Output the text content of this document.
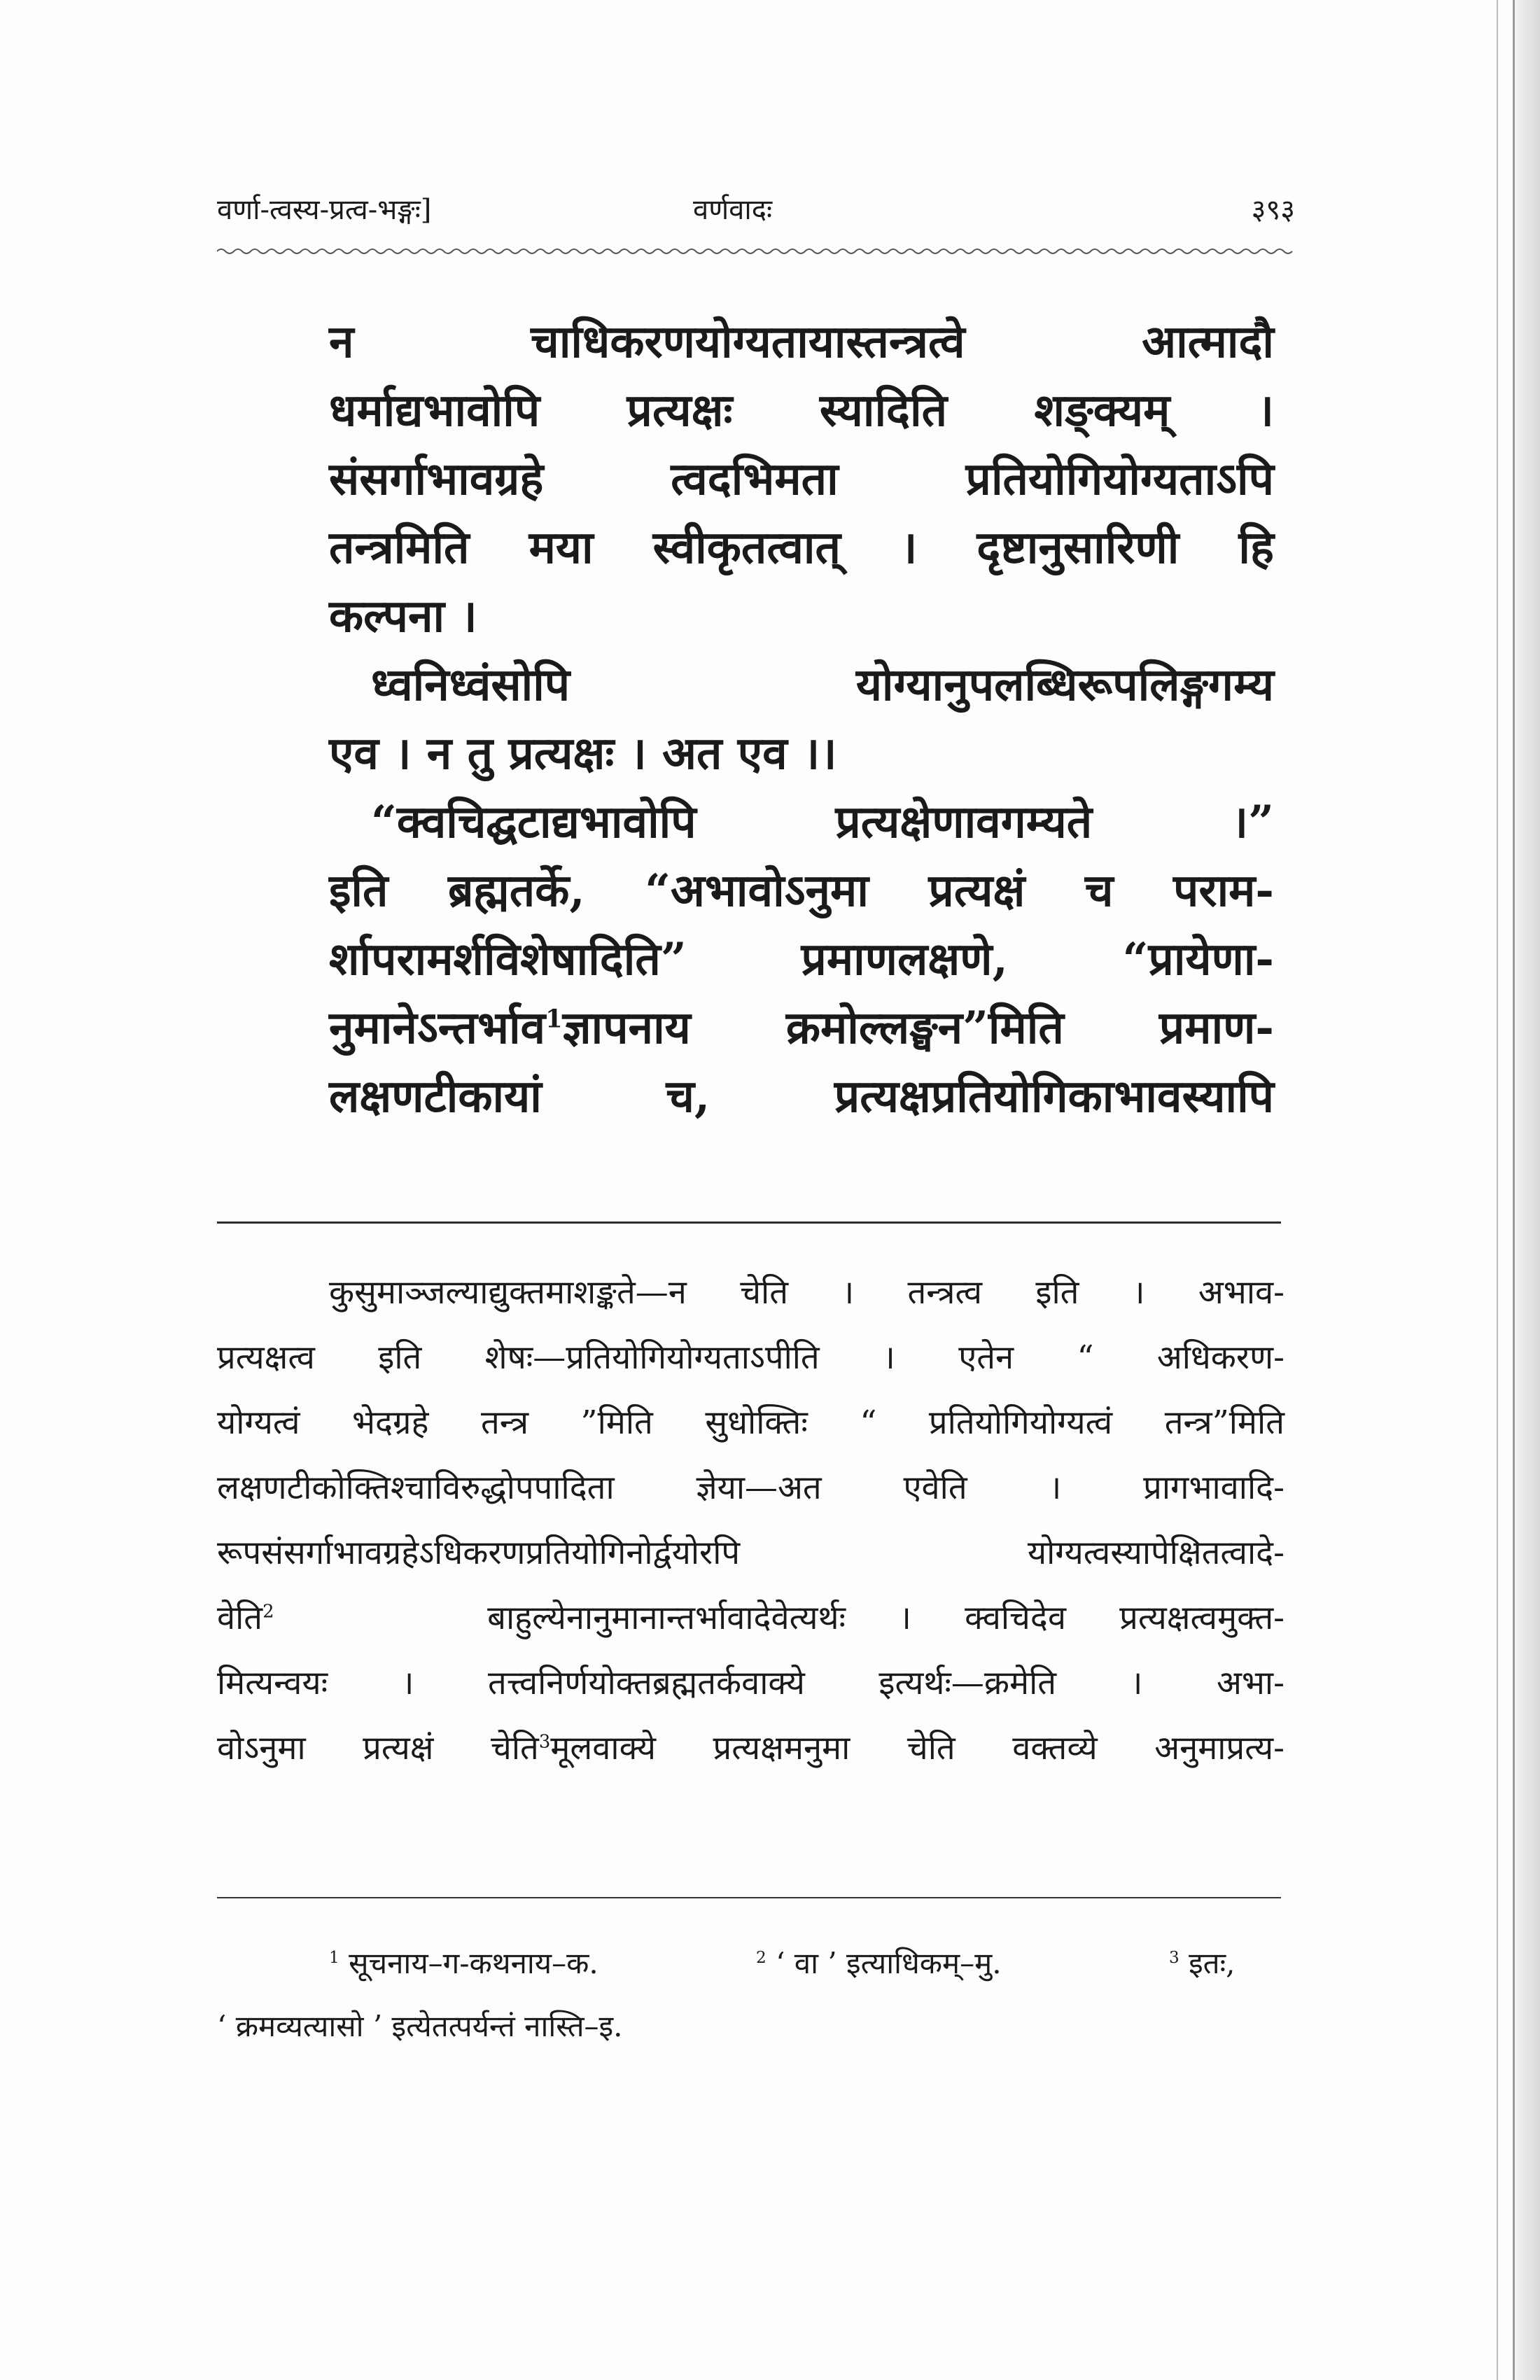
वर्णा-त्वस्य-प्रत्व-भङ्गः]	वर्णवादः	३९३

न चाधिकरणयोग्यतायास्तन्त्रत्वे आत्मादौ

धर्माद्यभावोपि प्रत्यक्षः स्यादिति शङ्क्यम् ।

संसर्गाभावग्रहे त्वदभिमता प्रतियोगियोग्यताऽपि

तन्त्रमिति मया स्वीकृतत्वात् । दृष्टानुसारिणी हि

कल्पना ।

ध्वनिध्वंसोपि योग्यानुपलब्धिरूपलिङ्गगम्य

एव । न तु प्रत्यक्षः । अत एव ।।

“क्वचिद्घटाद्यभावोपि प्रत्यक्षेणावगम्यते ।”

इति ब्रह्मतर्के, “अभावोऽनुमा प्रत्यक्षं च पराम-

र्शापरामर्शविशेषादिति” प्रमाणलक्षणे, “प्रायेणा-

नुमानेऽन्तर्भाव$^1$ज्ञापनाय क्रमोल्लङ्घन”मिति प्रमाण-

लक्षणटीकायां च, प्रत्यक्षप्रतियोगिकाभावस्यापि

कुसुमाञ्जल्याद्युक्तमाशङ्कते—न चेति । तन्त्रत्व इति । अभाव-

प्रत्यक्षत्व इति शेषः—प्रतियोगियोग्यताऽपीति । एतेन “ अधिकरण-

योग्यत्वं भेदग्रहे तन्त्र ”मिति सुधोक्तिः “ प्रतियोगियोग्यत्वं तन्त्र”मिति

लक्षणटीकोक्तिश्चाविरुद्धोपपादिता ज्ञेया—अत एवेति । प्रागभावादि-

रूपसंसर्गाभावग्रहेऽधिकरणप्रतियोगिनोर्द्वयोरपि योग्यत्वस्यापेक्षितत्वादे-

वेति$^2$	बाहुल्येनानुमानान्तर्भावादेवेत्यर्थः । क्वचिदेव प्रत्यक्षत्वमुक्त-

मित्यन्वयः । तत्त्वनिर्णयोक्तब्रह्मतर्कवाक्ये इत्यर्थः—क्रमेति । अभा-

वोऽनुमा प्रत्यक्षं चेति$^3$मूलवाक्ये प्रत्यक्षमनुमा चेति वक्तव्ये अनुमाप्रत्य-

$^1$ सूचनाय–ग-कथनाय–क.	$^2$ ‘ वा ’ इत्याधिकम्–मु.	$^3$ इतः,
‘ क्रमव्यत्यासो ’ इत्येतत्पर्यन्तं नास्ति–इ.
